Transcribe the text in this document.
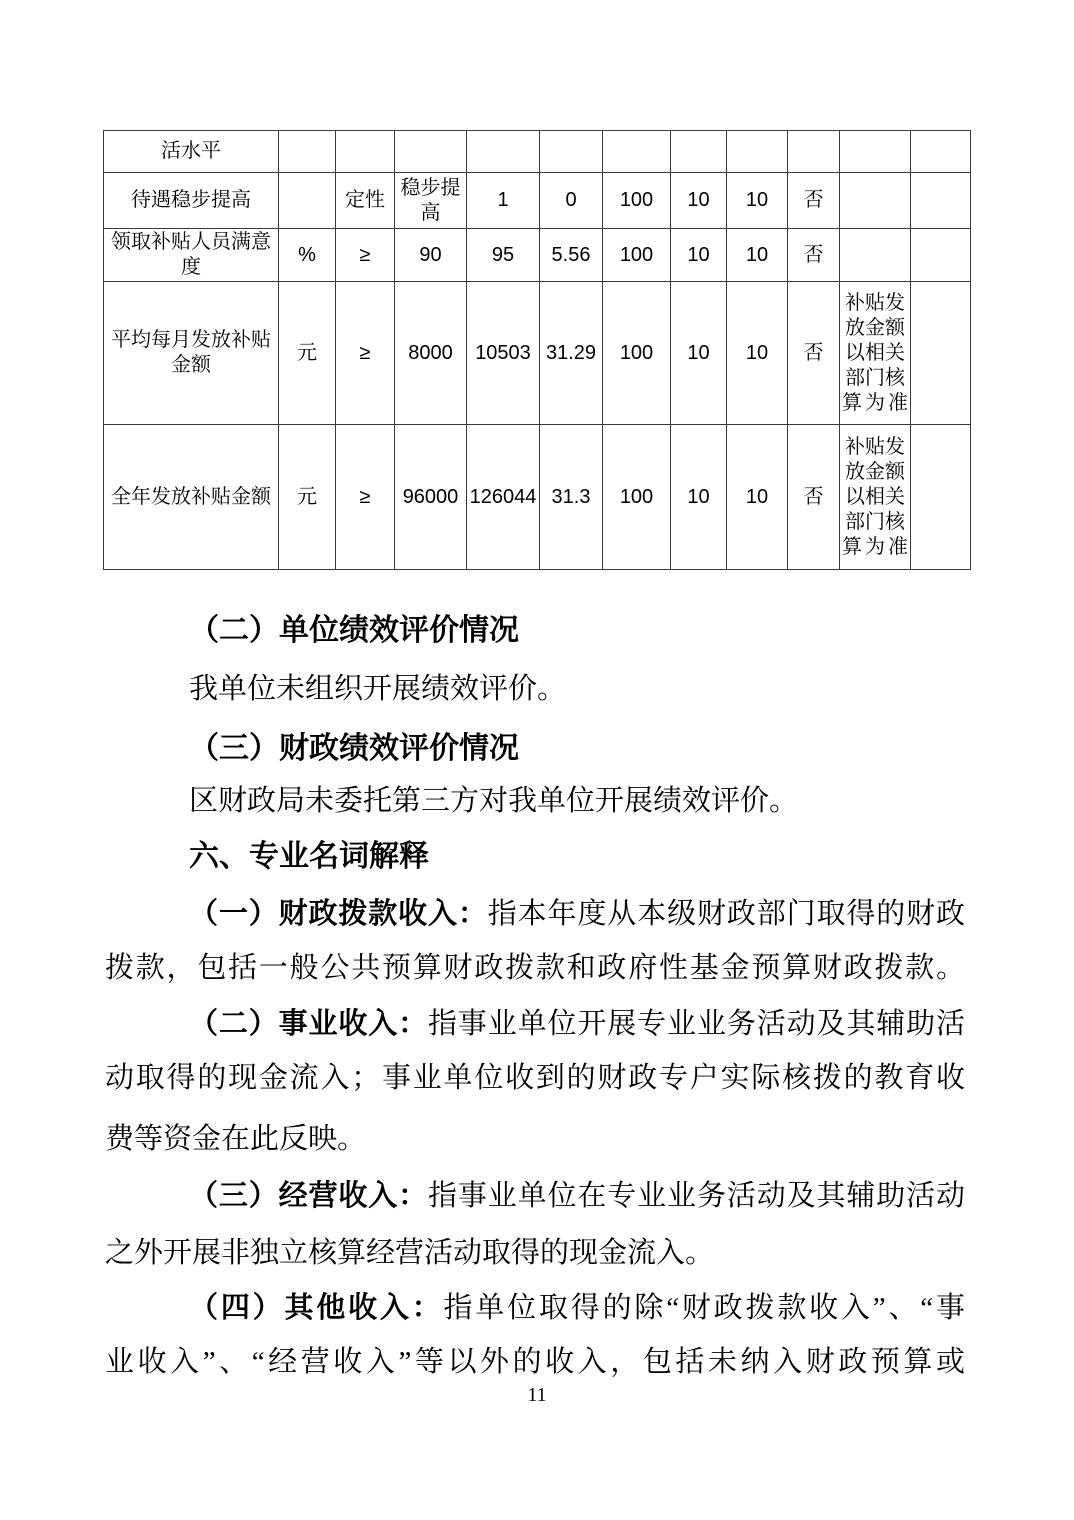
活水平											
待遇稳步提高		定性	稳步提高	1	0	100	10	10	否		
领取补贴人员满意度	%	≥	90	95	5.56	100	10	10	否		
平均每月发放补贴金额	元	≥	8000	10503	31.29	100	10	10	否	补贴发放金额以相关部门核算为准	
全年发放补贴金额	元	≥	96000	126044	31.3	100	10	10	否	补贴发放金额以相关部门核算为准	
（二）单位绩效评价情况
我单位未组织开展绩效评价。
（三）财政绩效评价情况
区财政局未委托第三方对我单位开展绩效评价。
六、专业名词解释
（一）财政拨款收入：指本年度从本级财政部门取得的财政
拨款，包括一般公共预算财政拨款和政府性基金预算财政拨款。
（二）事业收入：指事业单位开展专业业务活动及其辅助活
动取得的现金流入；事业单位收到的财政专户实际核拨的教育收
费等资金在此反映。
（三）经营收入：指事业单位在专业业务活动及其辅助活动
之外开展非独立核算经营活动取得的现金流入。
（四）其他收入：指单位取得的除“财政拨款收入”、“事
业收入”、“经营收入”等以外的收入，包括未纳入财政预算或
11
